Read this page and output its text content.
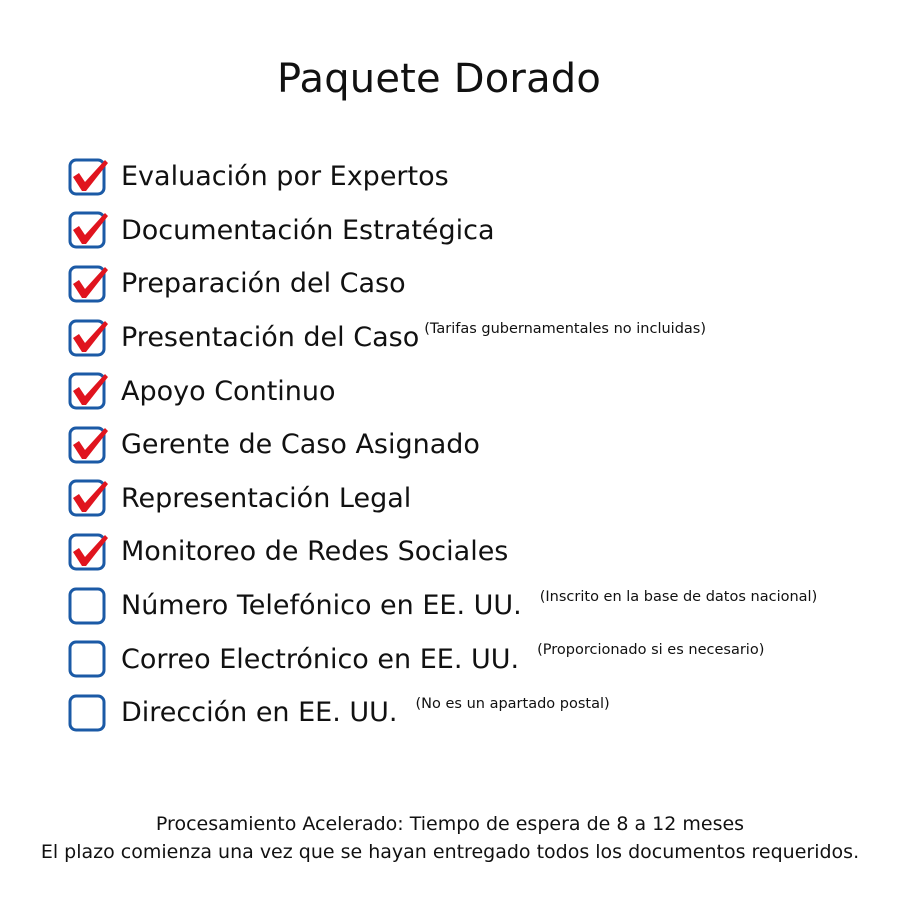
Paquete Dorado
Evaluación por Expertos
Documentación Estratégica
Preparación del Caso
Presentación del Caso (Tarifas gubernamentales no incluidas)
Apoyo Continuo
Gerente de Caso Asignado
Representación Legal
Monitoreo de Redes Sociales
Número Telefónico en EE. UU. (Inscrito en la base de datos nacional)
Correo Electrónico en EE. UU. (Proporcionado si es necesario)
Dirección en EE. UU. (No es un apartado postal)
Procesamiento Acelerado: Tiempo de espera de 8 a 12 meses
El plazo comienza una vez que se hayan entregado todos los documentos requeridos.
